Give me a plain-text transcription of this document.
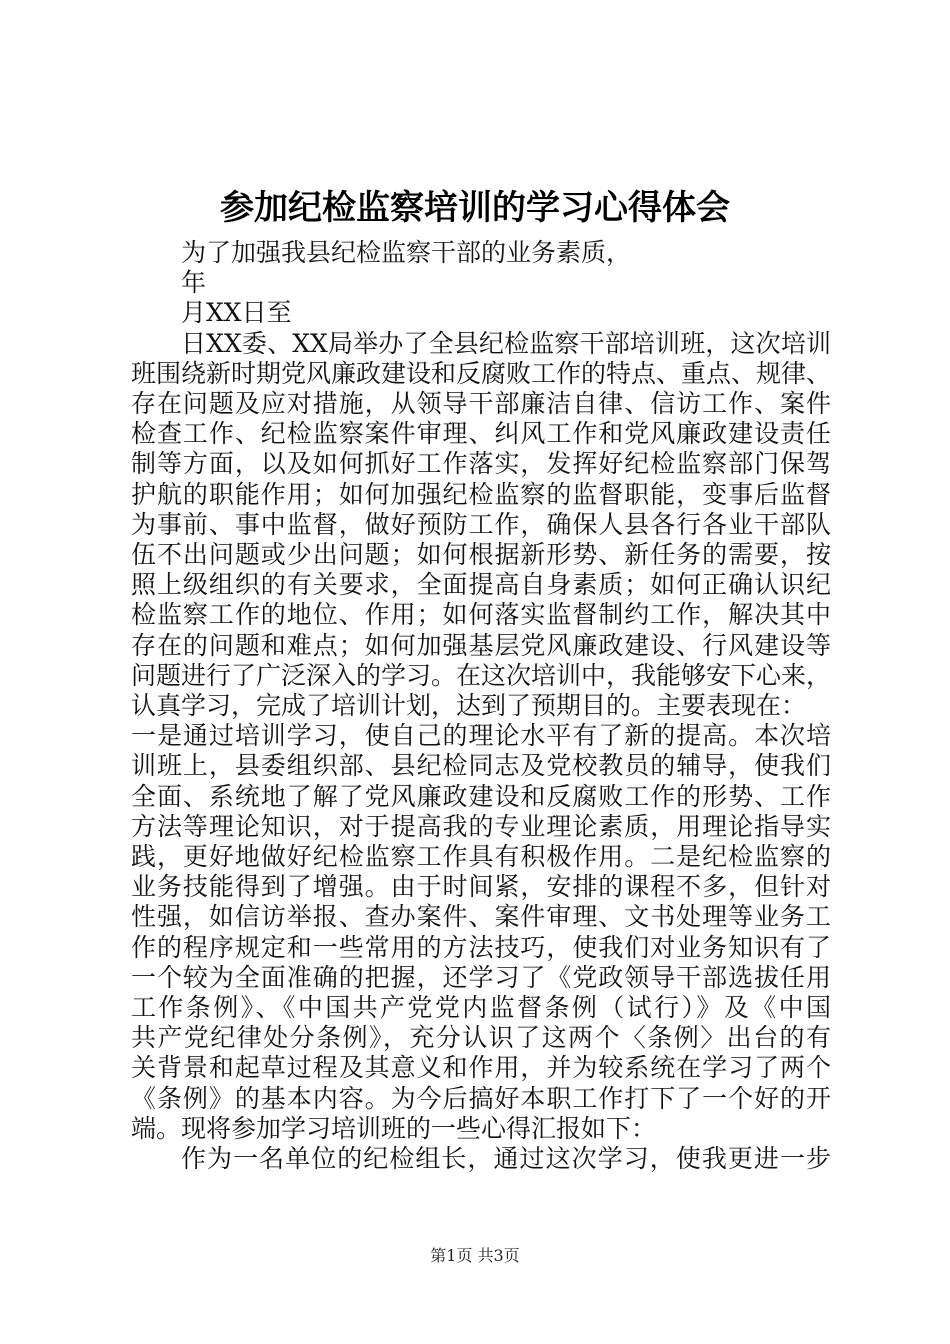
参加纪检监察培训的学习心得体会
为了加强我县纪检监察干部的业务素质，
年
月XX日至
日XX委、XX局举办了全县纪检监察干部培训班，这次培训
班围绕新时期党风廉政建设和反腐败工作的特点、重点、规律、
存在问题及应对措施，从领导干部廉洁自律、信访工作、案件
检查工作、纪检监察案件审理、纠风工作和党风廉政建设责任
制等方面，以及如何抓好工作落实，发挥好纪检监察部门保驾
护航的职能作用；如何加强纪检监察的监督职能，变事后监督
为事前、事中监督，做好预防工作，确保人县各行各业干部队
伍不出问题或少出问题；如何根据新形势、新任务的需要，按
照上级组织的有关要求，全面提高自身素质；如何正确认识纪
检监察工作的地位、作用；如何落实监督制约工作，解决其中
存在的问题和难点；如何加强基层党风廉政建设、行风建设等
问题进行了广泛深入的学习。在这次培训中，我能够安下心来，
认真学习，完成了培训计划，达到了预期目的。主要表现在：
一是通过培训学习，使自己的理论水平有了新的提高。本次培
训班上，县委组织部、县纪检同志及党校教员的辅导，使我们
全面、系统地了解了党风廉政建设和反腐败工作的形势、工作
方法等理论知识，对于提高我的专业理论素质，用理论指导实
践，更好地做好纪检监察工作具有积极作用。二是纪检监察的
业务技能得到了增强。由于时间紧，安排的课程不多，但针对
性强，如信访举报、查办案件、案件审理、文书处理等业务工
作的程序规定和一些常用的方法技巧，使我们对业务知识有了
一个较为全面准确的把握，还学习了《党政领导干部选拔任用
工作条例》、《中国共产党党内监督条例（试行）》及《中国
共产党纪律处分条例》，充分认识了这两个〈条例〉出台的有
关背景和起草过程及其意义和作用，并为较系统在学习了两个
《条例》的基本内容。为今后搞好本职工作打下了一个好的开
端。现将参加学习培训班的一些心得汇报如下：
作为一名单位的纪检组长，通过这次学习，使我更进一步
第1页 共3页
